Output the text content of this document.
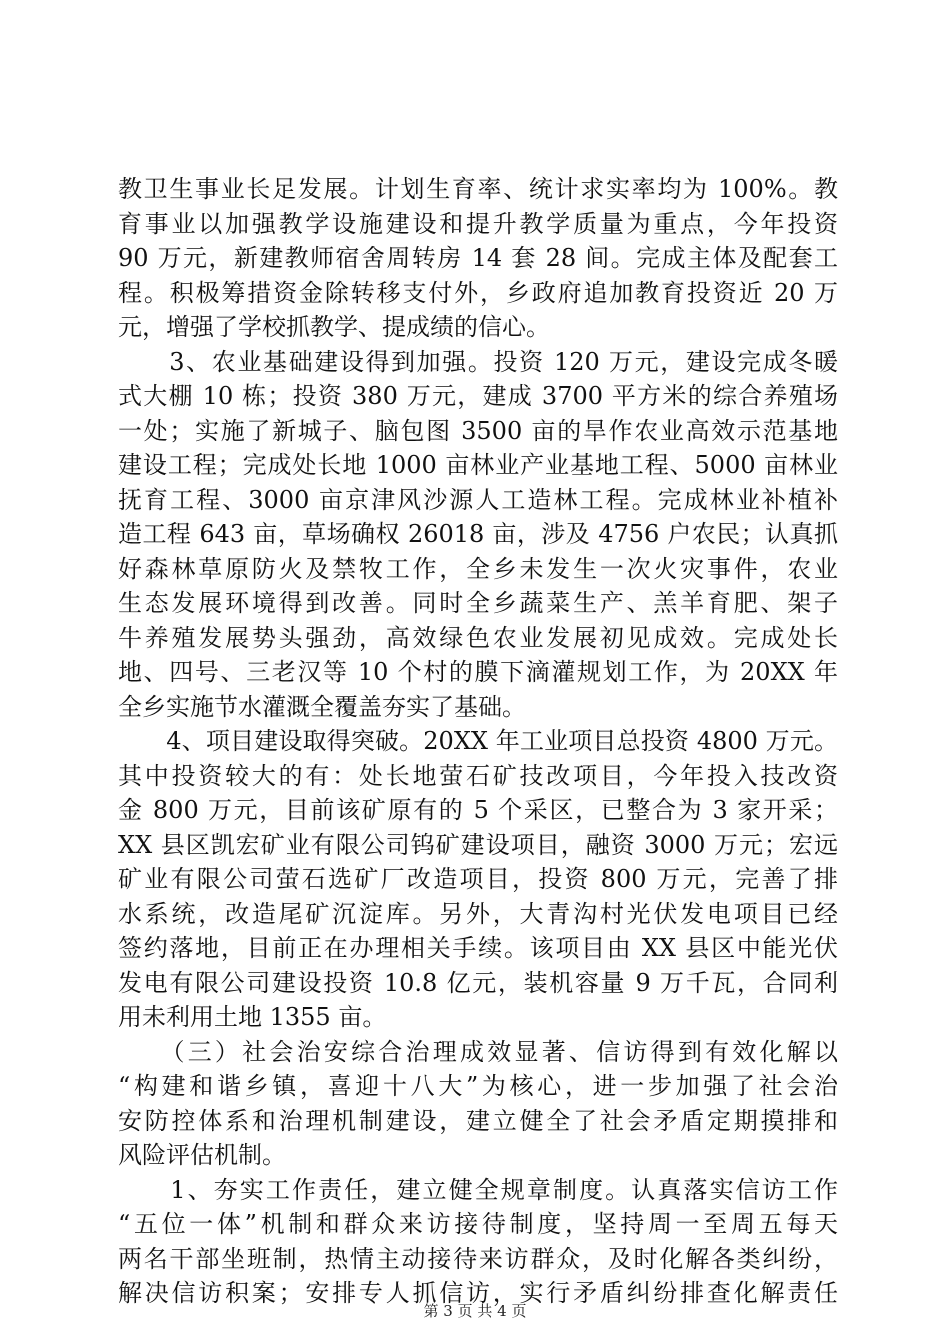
教卫生事业长足发展。计划生育率、统计求实率均为 100%。教
育事业以加强教学设施建设和提升教学质量为重点，今年投资
90 万元，新建教师宿舍周转房 14 套 28 间。完成主体及配套工
程。积极筹措资金除转移支付外，乡政府追加教育投资近 20 万
元，增强了学校抓教学、提成绩的信心。
　　3、农业基础建设得到加强。投资 120 万元，建设完成冬暖
式大棚 10 栋；投资 380 万元，建成 3700 平方米的综合养殖场
一处；实施了新城子、脑包图 3500 亩的旱作农业高效示范基地
建设工程；完成处长地 1000 亩林业产业基地工程、5000 亩林业
抚育工程、3000 亩京津风沙源人工造林工程。完成林业补植补
造工程 643 亩，草场确权 26018 亩，涉及 4756 户农民；认真抓
好森林草原防火及禁牧工作，全乡未发生一次火灾事件，农业
生态发展环境得到改善。同时全乡蔬菜生产、羔羊育肥、架子
牛养殖发展势头强劲，高效绿色农业发展初见成效。完成处长
地、四号、三老汉等 10 个村的膜下滴灌规划工作，为 20XX 年
全乡实施节水灌溉全覆盖夯实了基础。
　　4、项目建设取得突破。20XX 年工业项目总投资 4800 万元。
其中投资较大的有：处长地萤石矿技改项目，今年投入技改资
金 800 万元，目前该矿原有的 5 个采区，已整合为 3 家开采；
XX 县区凯宏矿业有限公司钨矿建设项目，融资 3000 万元；宏远
矿业有限公司萤石选矿厂改造项目，投资 800 万元，完善了排
水系统，改造尾矿沉淀库。另外，大青沟村光伏发电项目已经
签约落地，目前正在办理相关手续。该项目由 XX 县区中能光伏
发电有限公司建设投资 10.8 亿元，装机容量 9 万千瓦，合同利
用未利用土地 1355 亩。
　　（三）社会治安综合治理成效显著、信访得到有效化解以
“构建和谐乡镇，喜迎十八大”为核心，进一步加强了社会治
安防控体系和治理机制建设，建立健全了社会矛盾定期摸排和
风险评估机制。
　　1、夯实工作责任，建立健全规章制度。认真落实信访工作
“五位一体”机制和群众来访接待制度，坚持周一至周五每天
两名干部坐班制，热情主动接待来访群众，及时化解各类纠纷，
解决信访积案；安排专人抓信访，实行矛盾纠纷排查化解责任
第 3 页 共 4 页
